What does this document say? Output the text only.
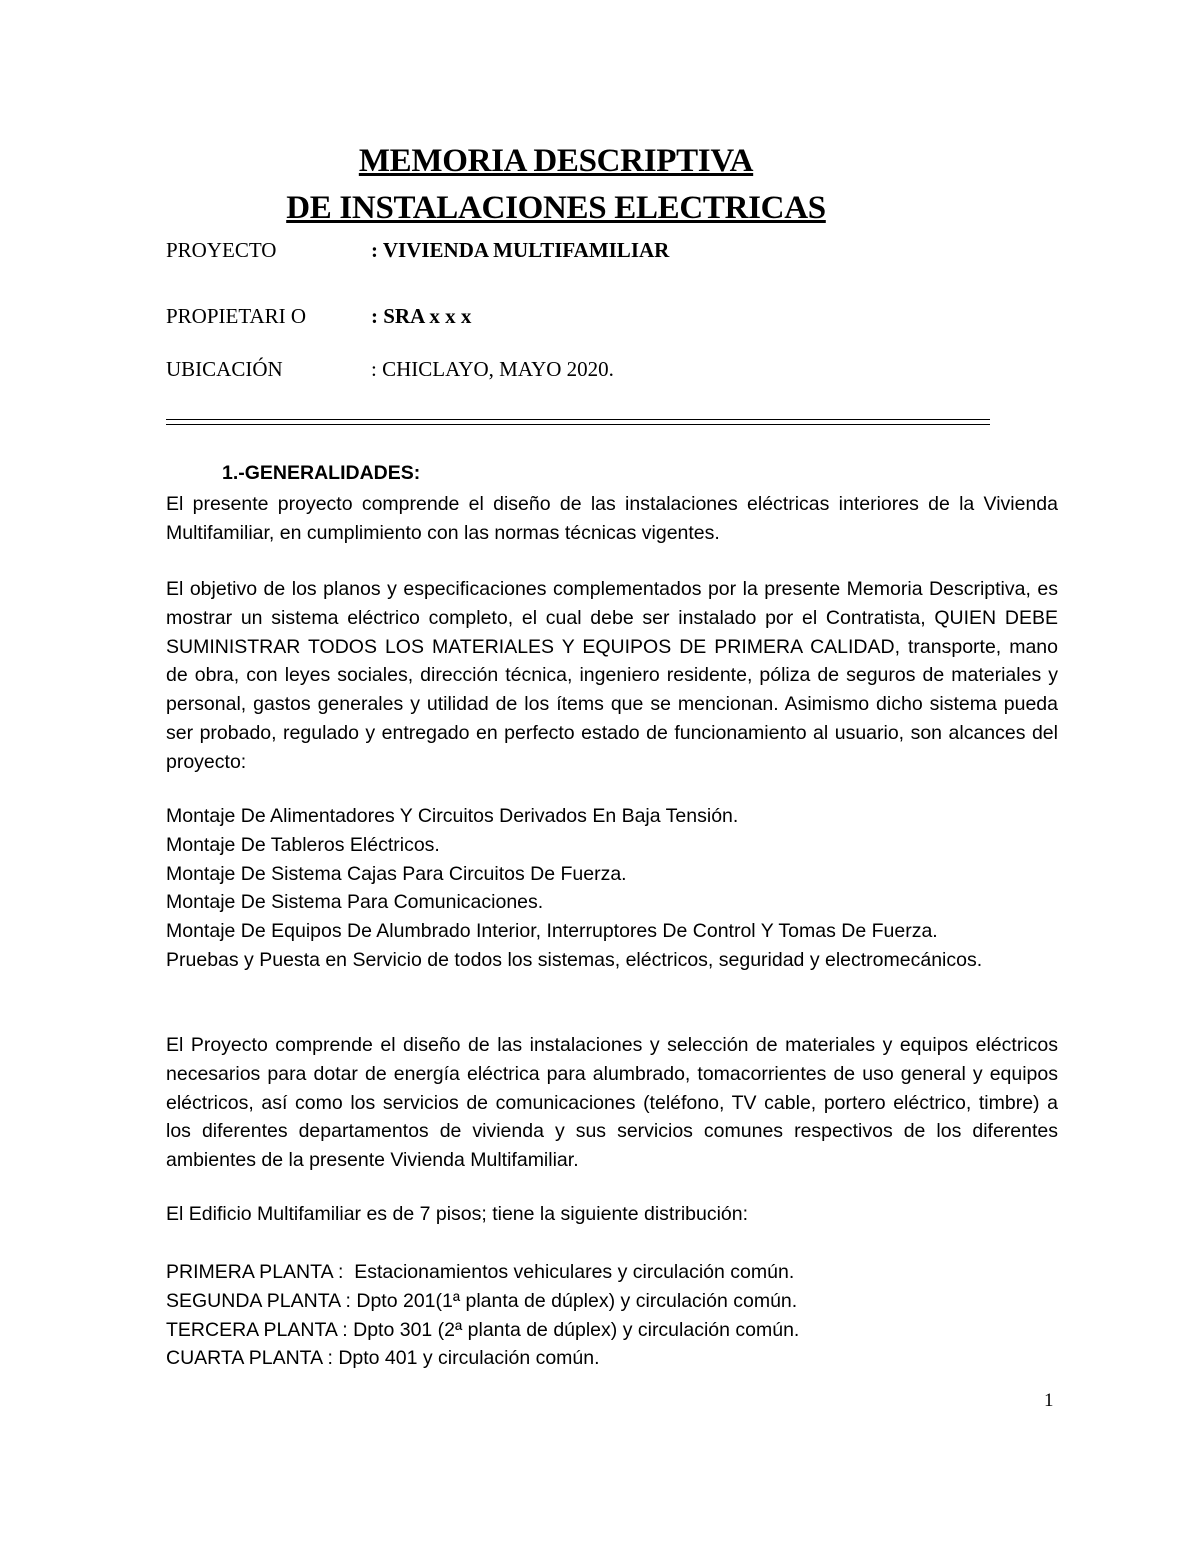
MEMORIA DESCRIPTIVA
DE INSTALACIONES ELECTRICAS
PROYECTO	: VIVIENDA MULTIFAMILIAR
PROPIETARI O	: SRA x x x
UBICACIÓN	: CHICLAYO, MAYO 2020.
1.-GENERALIDADES:

El presente proyecto comprende el diseño de las instalaciones eléctricas interiores de la Vivienda Multifamiliar, en cumplimiento con las normas técnicas vigentes.

El objetivo de los planos y especificaciones complementados por la presente Memoria Descriptiva, es mostrar un sistema eléctrico completo, el cual debe ser instalado por el Contratista, QUIEN DEBE SUMINISTRAR TODOS LOS MATERIALES Y EQUIPOS DE PRIMERA CALIDAD, transporte, mano de obra, con leyes sociales, dirección técnica, ingeniero residente, póliza de seguros de materiales y personal, gastos generales y utilidad de los ítems que se mencionan. Asimismo dicho sistema pueda ser probado, regulado y entregado en perfecto estado de funcionamiento al usuario, son alcances del proyecto:

Montaje De Alimentadores Y Circuitos Derivados En Baja Tensión.
Montaje De Tableros Eléctricos.
Montaje De Sistema Cajas Para Circuitos De Fuerza.
Montaje De Sistema Para Comunicaciones.
Montaje De Equipos De Alumbrado Interior, Interruptores De Control Y Tomas De Fuerza.
Pruebas y Puesta en Servicio de todos los sistemas, eléctricos, seguridad y electromecánicos.

El Proyecto comprende el diseño de las instalaciones y selección de materiales y equipos eléctricos necesarios para dotar de energía eléctrica para alumbrado, tomacorrientes de uso general y equipos eléctricos, así como los servicios de comunicaciones (teléfono, TV cable, portero eléctrico, timbre) a los diferentes departamentos de vivienda y sus servicios comunes respectivos de los diferentes ambientes de la presente Vivienda Multifamiliar.

El Edificio Multifamiliar es de 7 pisos; tiene la siguiente distribución:

PRIMERA PLANTA : Estacionamientos vehiculares y circulación común.
SEGUNDA PLANTA : Dpto 201(1ª planta de dúplex) y circulación común.
TERCERA PLANTA : Dpto 301 (2ª planta de dúplex) y circulación común.
CUARTA PLANTA : Dpto 401 y circulación común.
1
